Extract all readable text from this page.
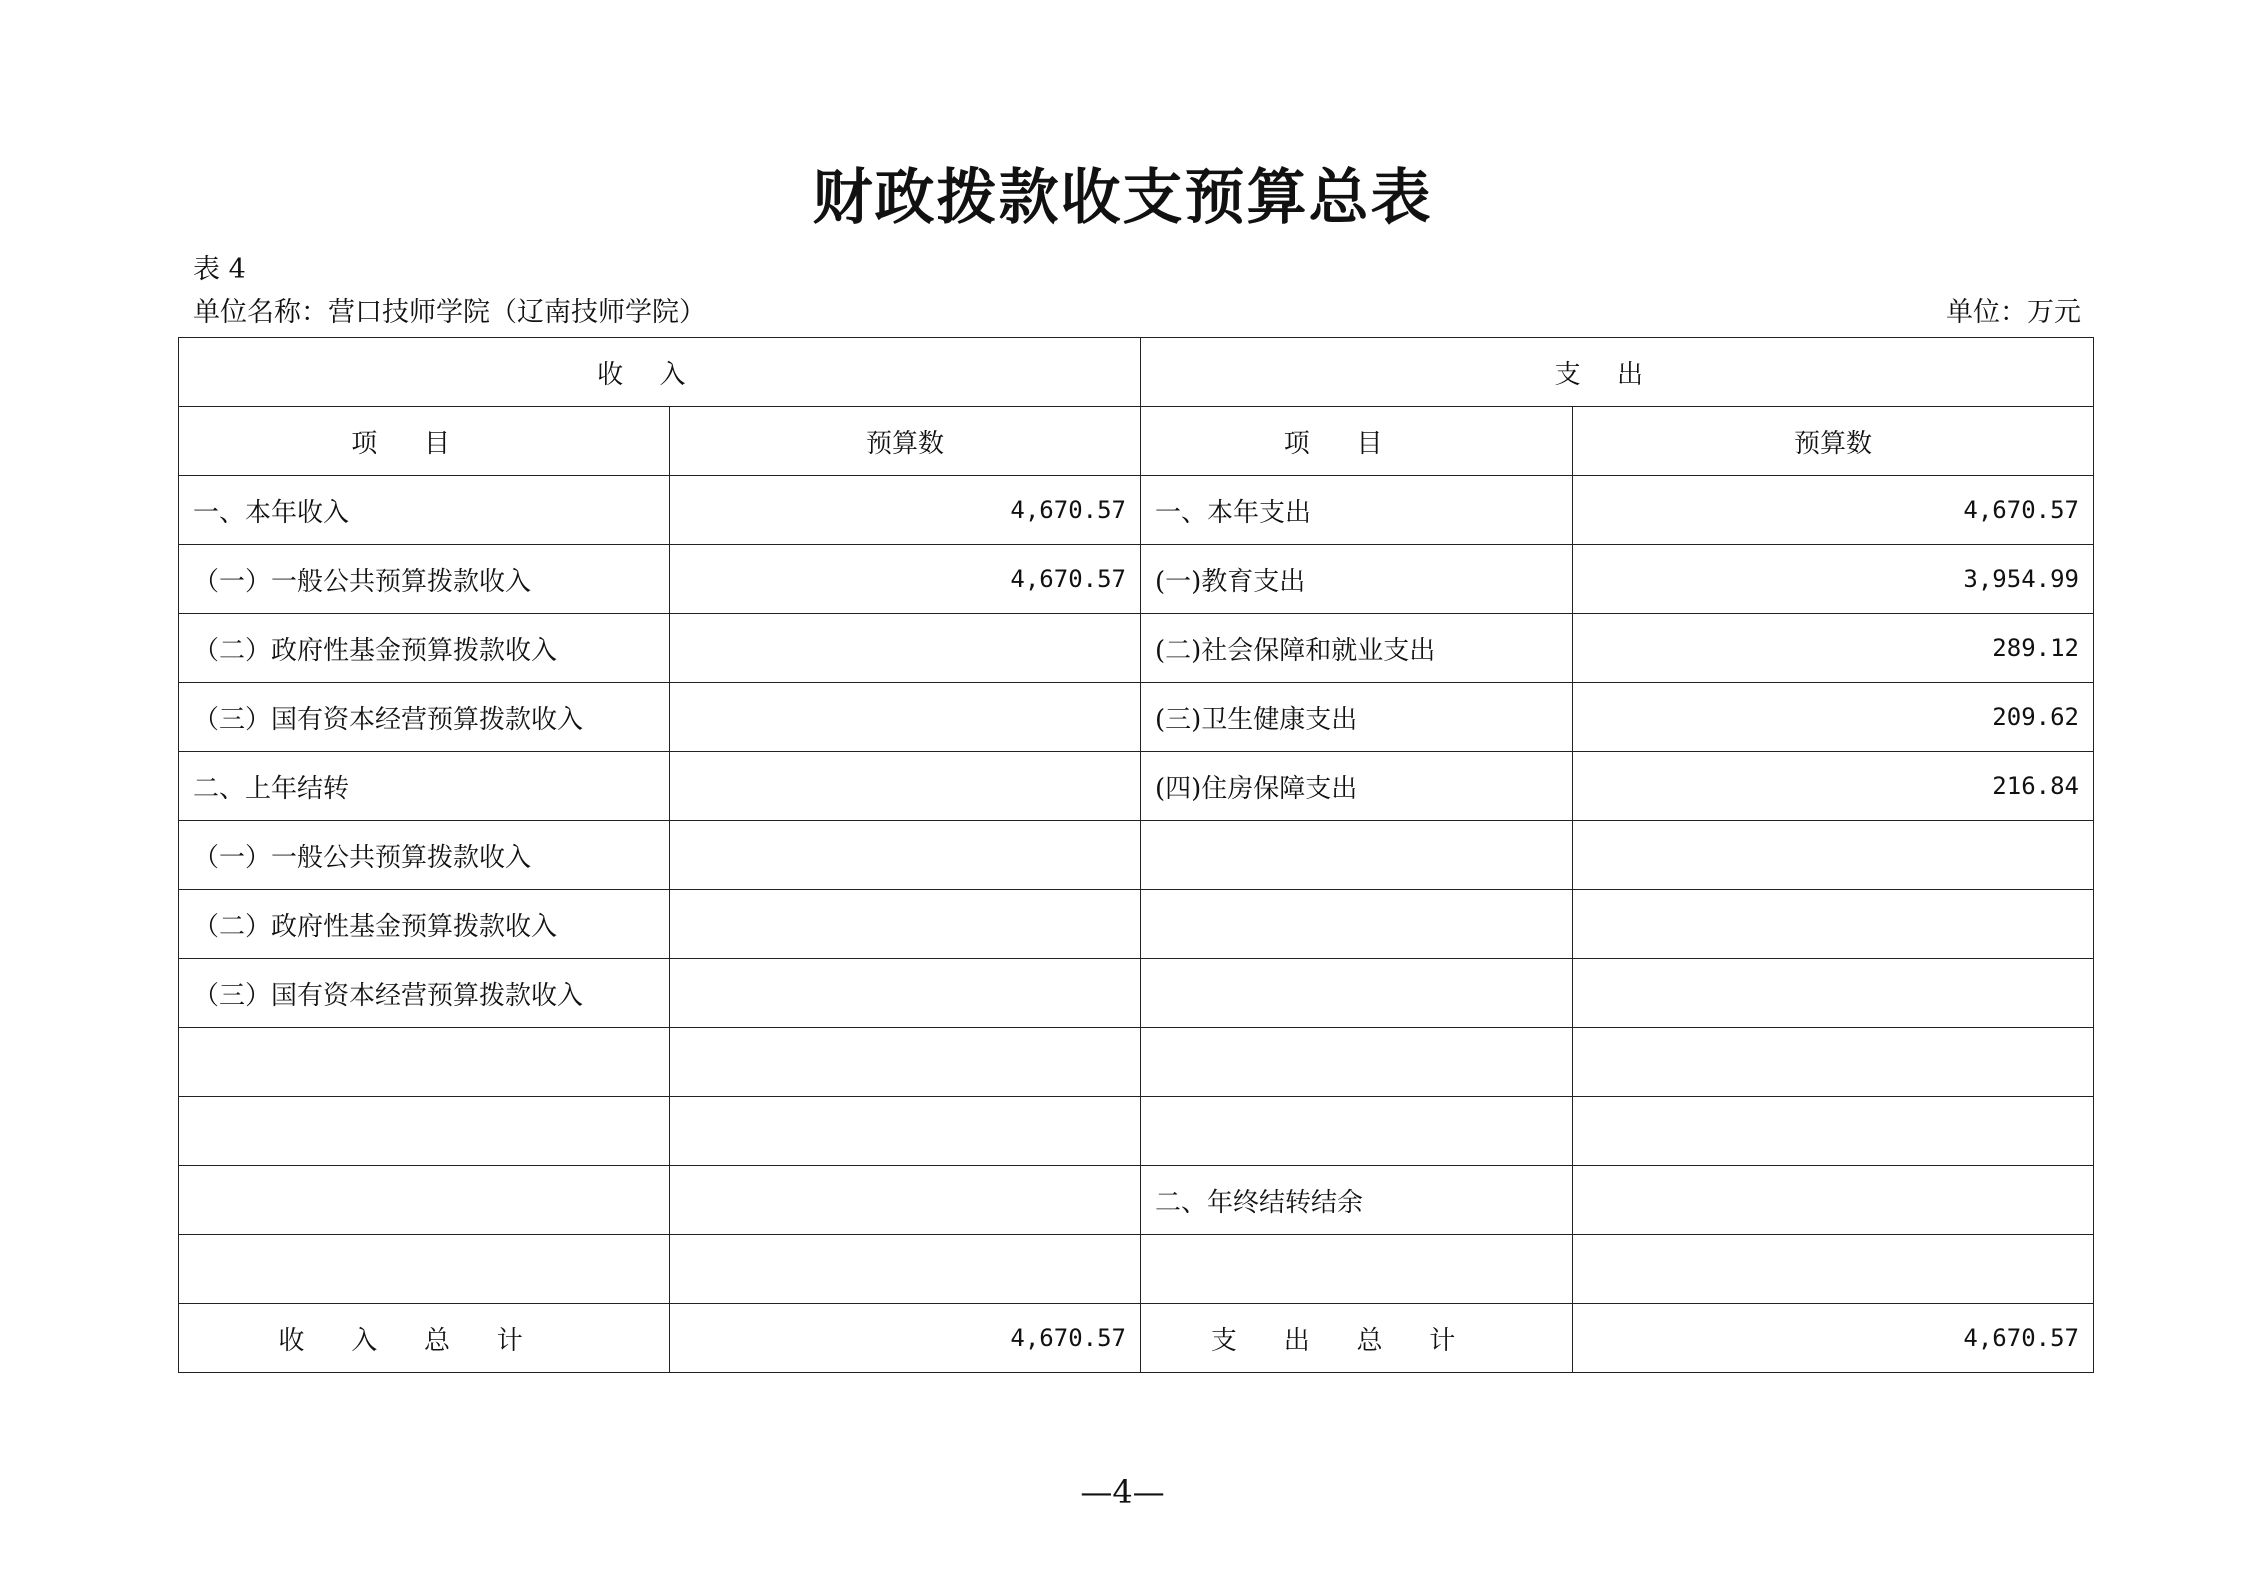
财政拨款收支预算总表
表 4
单位名称：营口技师学院（辽南技师学院）	单位：万元
收入		支出	
项目	预算数	项目	预算数
一、本年收入	4,670.57	一、本年支出	4,670.57
（一）一般公共预算拨款收入	4,670.57	(一)教育支出	3,954.99
（二）政府性基金预算拨款收入		(二)社会保障和就业支出	289.12
（三）国有资本经营预算拨款收入		(三)卫生健康支出	209.62
二、上年结转		(四)住房保障支出	216.84
（一）一般公共预算拨款收入			
（二）政府性基金预算拨款收入			
（三）国有资本经营预算拨款收入			

		二、年终结转结余	

收入总计	4,670.57	支出总计	4,670.57
—4—
